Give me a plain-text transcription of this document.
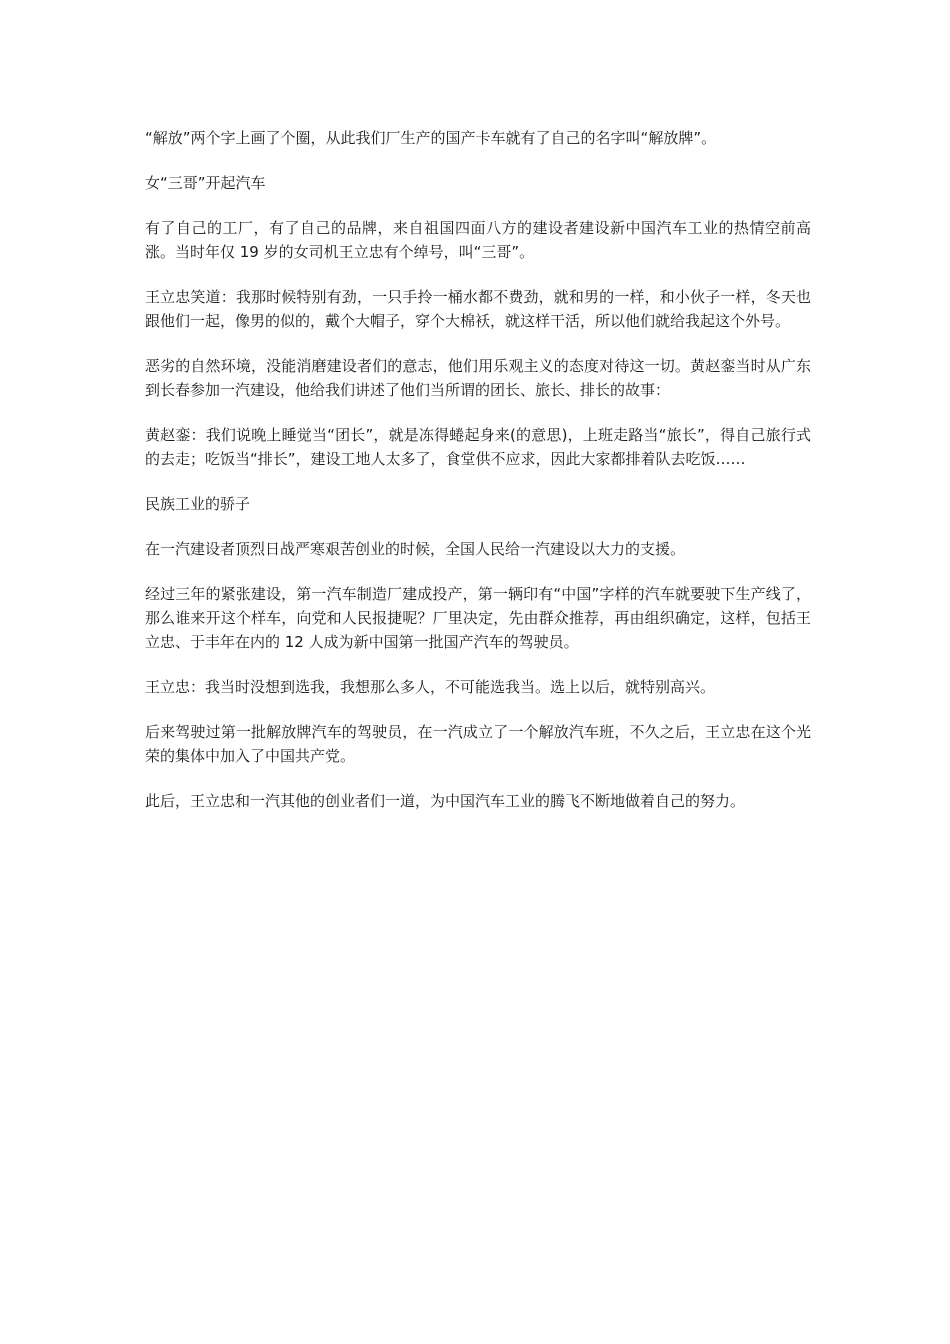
“解放”两个字上画了个圈，从此我们厂生产的国产卡车就有了自己的名字叫“解放牌”。

女“三哥”开起汽车

有了自己的工厂，有了自己的品牌，来自祖国四面八方的建设者建设新中国汽车工业的热情空前高涨。当时年仅 19 岁的女司机王立忠有个绰号，叫“三哥”。

王立忠笑道：我那时候特别有劲，一只手拎一桶水都不费劲，就和男的一样，和小伙子一样，冬天也跟他们一起，像男的似的，戴个大帽子，穿个大棉袄，就这样干活，所以他们就给我起这个外号。

恶劣的自然环境，没能消磨建设者们的意志，他们用乐观主义的态度对待这一切。黄赵銮当时从广东到长春参加一汽建设，他给我们讲述了他们当所谓的团长、旅长、排长的故事：

黄赵銮：我们说晚上睡觉当“团长”，就是冻得蜷起身来(的意思)，上班走路当“旅长”，得自己旅行式的去走；吃饭当“排长”，建设工地人太多了，食堂供不应求，因此大家都排着队去吃饭……

民族工业的骄子

在一汽建设者顶烈日战严寒艰苦创业的时候，全国人民给一汽建设以大力的支援。

经过三年的紧张建设，第一汽车制造厂建成投产，第一辆印有“中国”字样的汽车就要驶下生产线了，那么谁来开这个样车，向党和人民报捷呢？厂里决定，先由群众推荐，再由组织确定，这样，包括王立忠、于丰年在内的 12 人成为新中国第一批国产汽车的驾驶员。

王立忠：我当时没想到选我，我想那么多人，不可能选我当。选上以后，就特别高兴。

后来驾驶过第一批解放牌汽车的驾驶员，在一汽成立了一个解放汽车班，不久之后，王立忠在这个光荣的集体中加入了中国共产党。

此后，王立忠和一汽其他的创业者们一道，为中国汽车工业的腾飞不断地做着自己的努力。
